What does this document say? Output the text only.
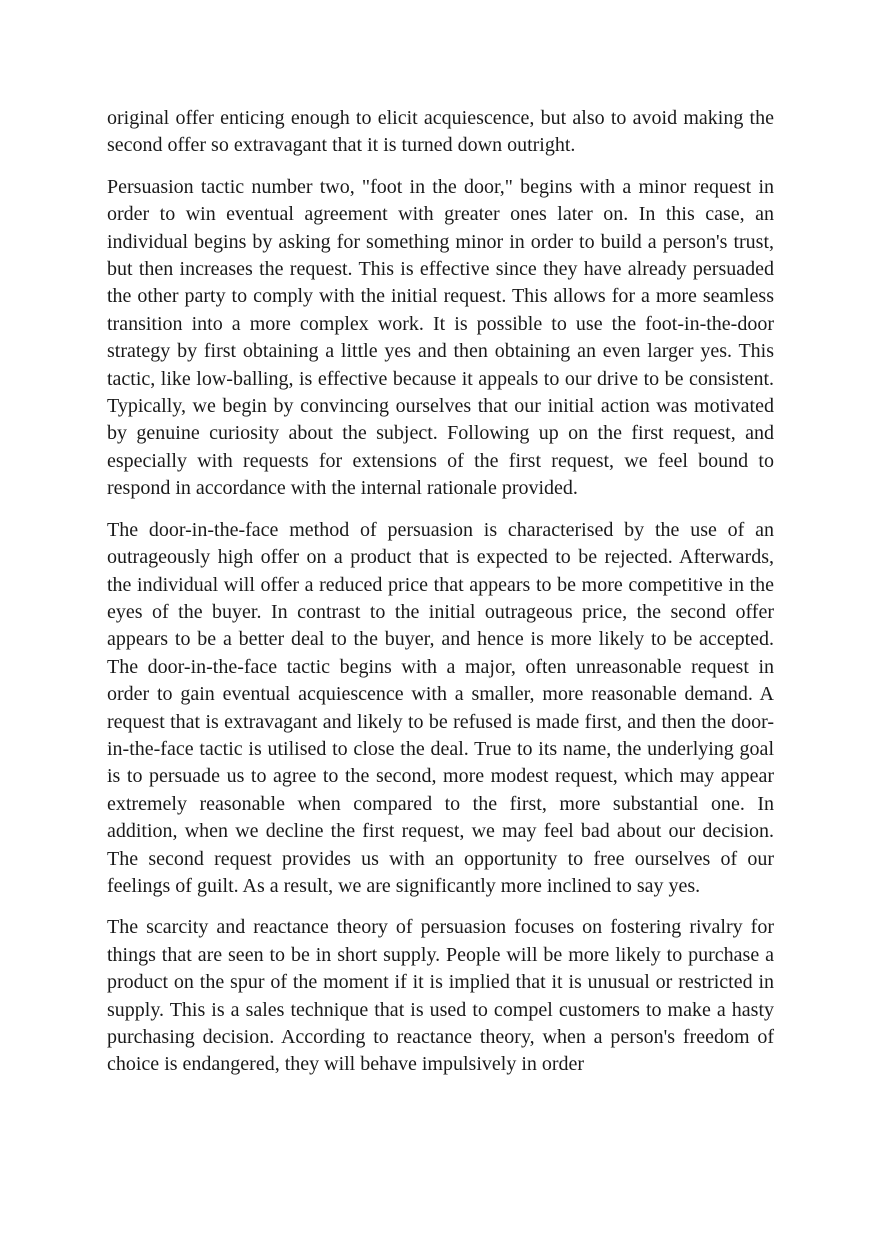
original offer enticing enough to elicit acquiescence, but also to avoid making the second offer so extravagant that it is turned down outright.

Persuasion tactic number two, "foot in the door," begins with a minor request in order to win eventual agreement with greater ones later on. In this case, an individual begins by asking for something minor in order to build a person's trust, but then increases the request. This is effective since they have already persuaded the other party to comply with the initial request. This allows for a more seamless transition into a more complex work. It is possible to use the foot-in-the-door strategy by first obtaining a little yes and then obtaining an even larger yes. This tactic, like low-balling, is effective because it appeals to our drive to be consistent. Typically, we begin by convincing ourselves that our initial action was motivated by genuine curiosity about the subject. Following up on the first request, and especially with requests for extensions of the first request, we feel bound to respond in accordance with the internal rationale provided.

The door-in-the-face method of persuasion is characterised by the use of an outrageously high offer on a product that is expected to be rejected. Afterwards, the individual will offer a reduced price that appears to be more competitive in the eyes of the buyer. In contrast to the initial outrageous price, the second offer appears to be a better deal to the buyer, and hence is more likely to be accepted. The door-in-the-face tactic begins with a major, often unreasonable request in order to gain eventual acquiescence with a smaller, more reasonable demand. A request that is extravagant and likely to be refused is made first, and then the door-in-the-face tactic is utilised to close the deal. True to its name, the underlying goal is to persuade us to agree to the second, more modest request, which may appear extremely reasonable when compared to the first, more substantial one. In addition, when we decline the first request, we may feel bad about our decision. The second request provides us with an opportunity to free ourselves of our feelings of guilt. As a result, we are significantly more inclined to say yes.

The scarcity and reactance theory of persuasion focuses on fostering rivalry for things that are seen to be in short supply. People will be more likely to purchase a product on the spur of the moment if it is implied that it is unusual or restricted in supply. This is a sales technique that is used to compel customers to make a hasty purchasing decision. According to reactance theory, when a person's freedom of choice is endangered, they will behave impulsively in order
